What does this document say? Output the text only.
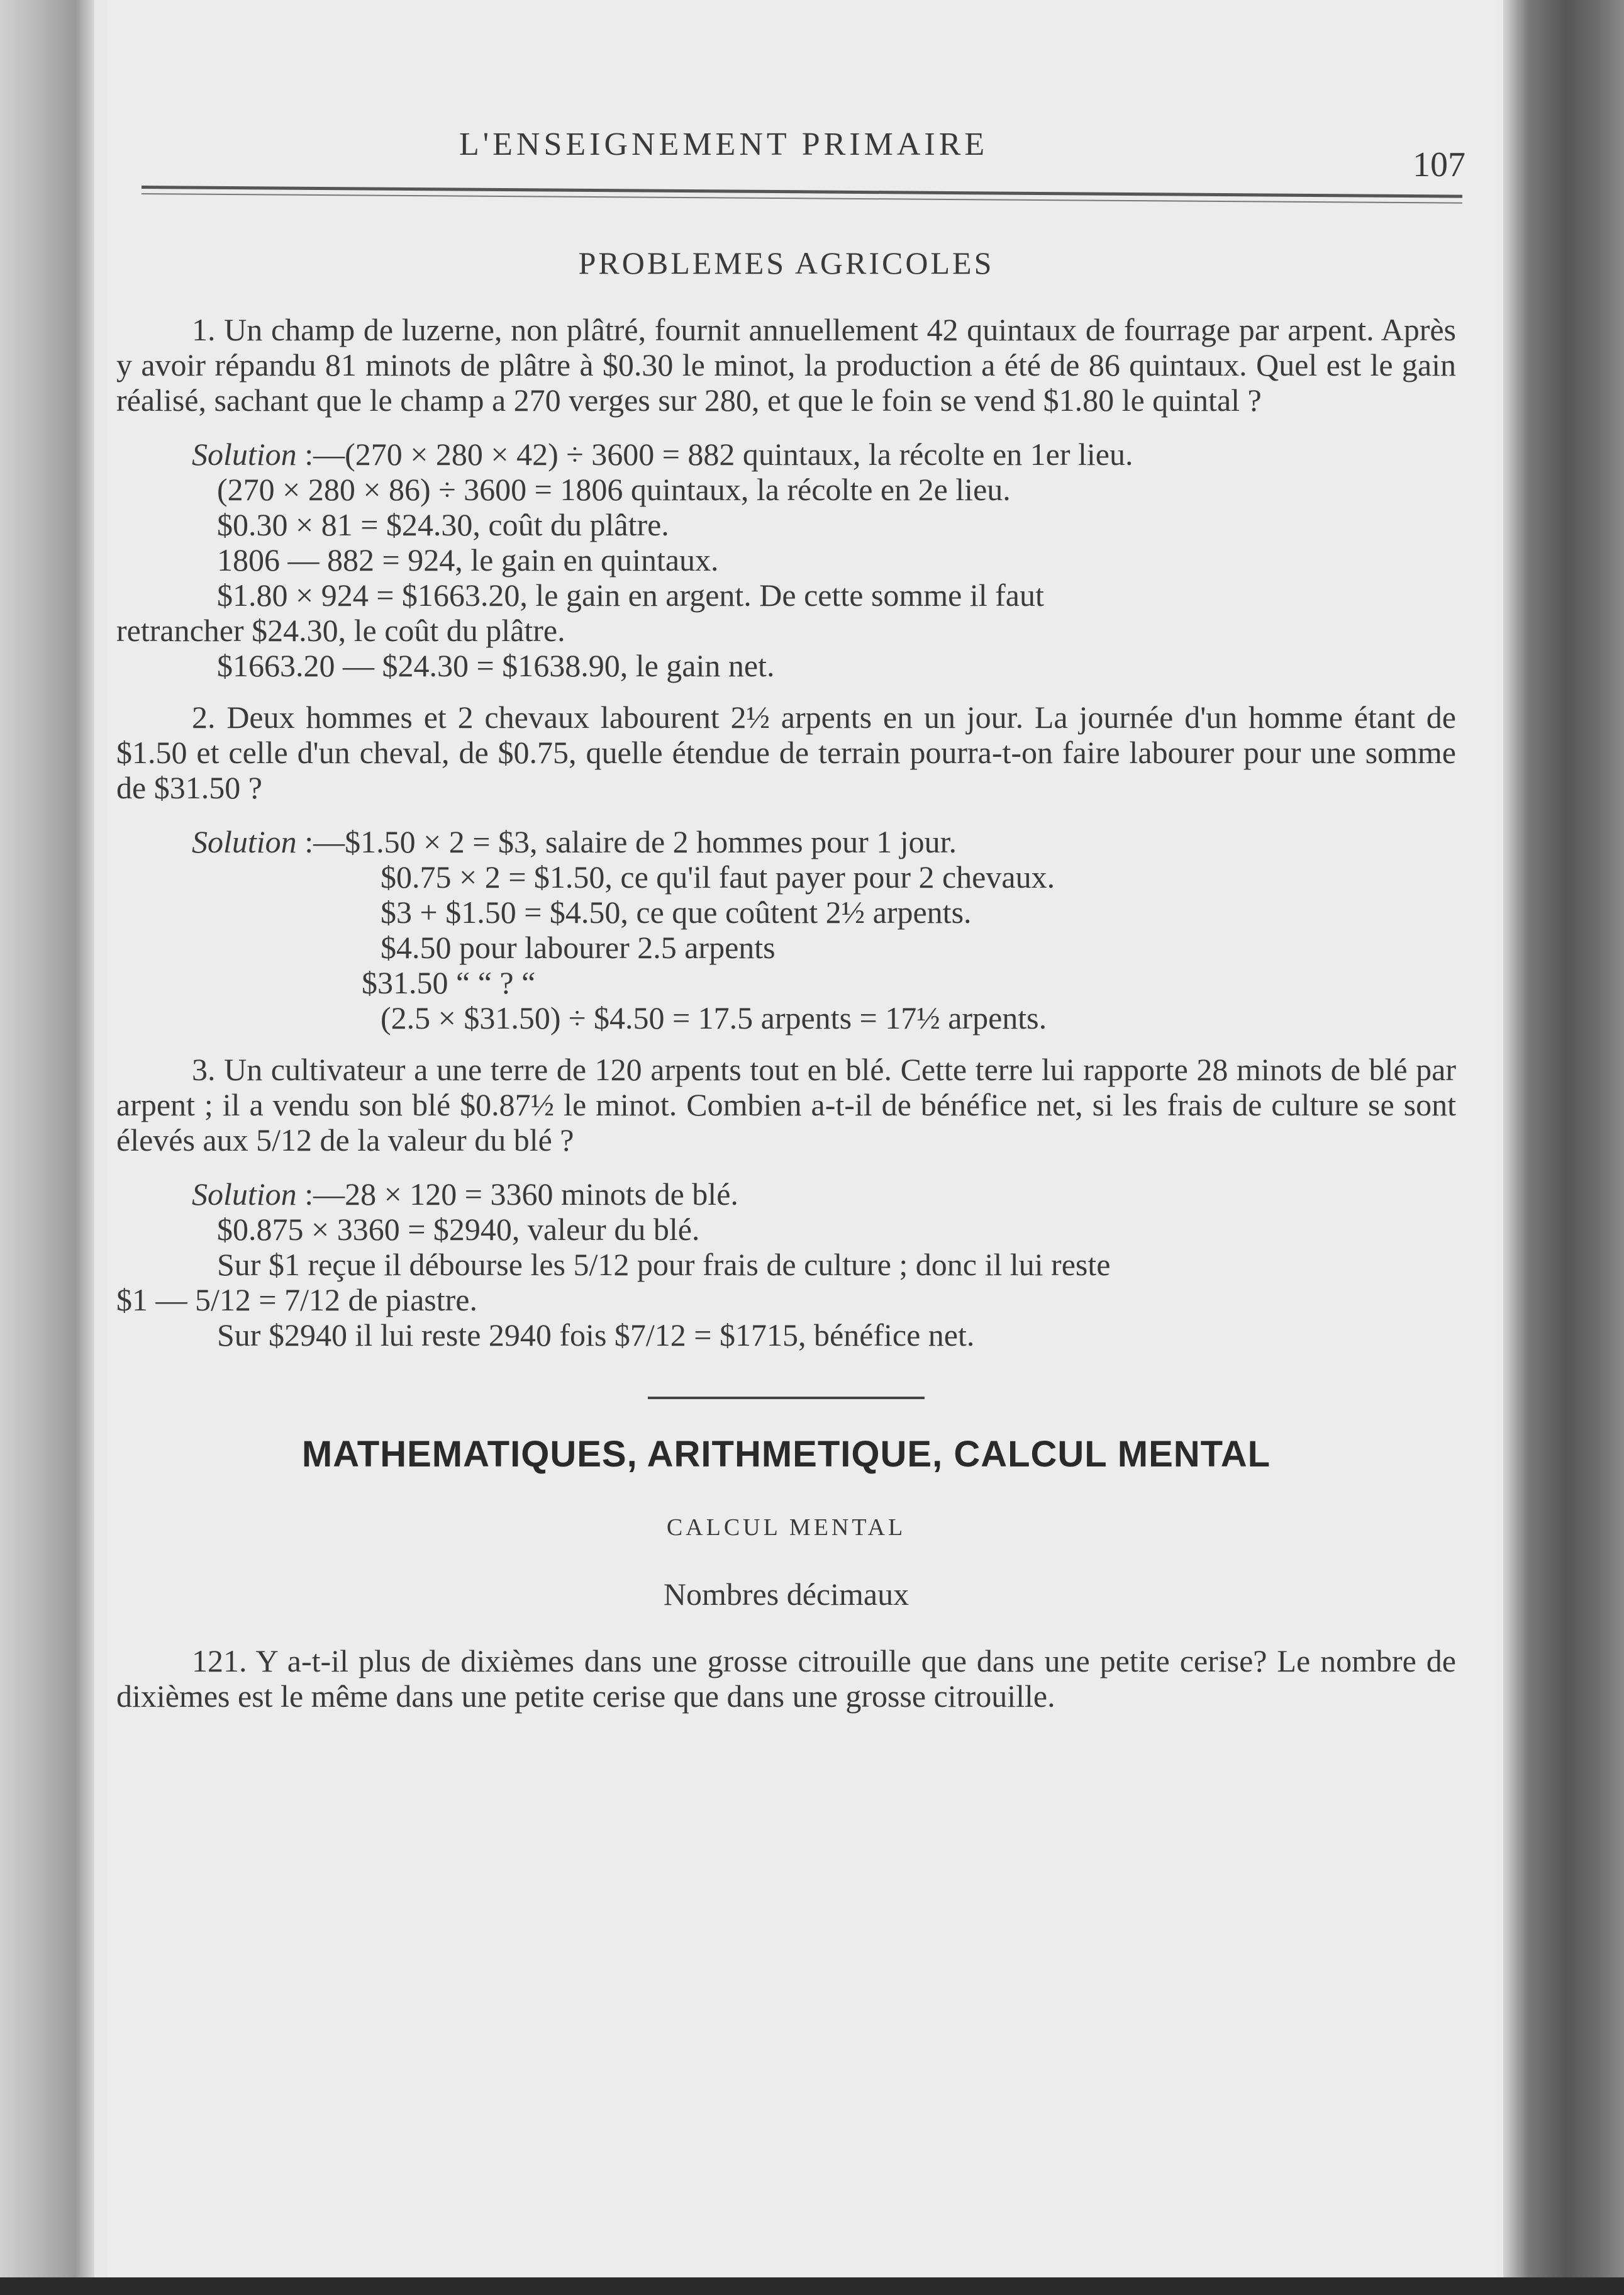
L'ENSEIGNEMENT PRIMAIRE
107
PROBLEMES AGRICOLES

1. Un champ de luzerne, non plâtré, fournit annuellement 42 quintaux de fourrage par arpent. Après y avoir répandu 81 minots de plâtre à $0.30 le minot, la production a été de 86 quintaux. Quel est le gain réalisé, sachant que le champ a 270 verges sur 280, et que le foin se vend $1.80 le quintal ?

Solution :—(270 × 280 × 42) ÷ 3600 = 882 quintaux, la récolte en 1er lieu.

(270 × 280 × 86) ÷ 3600 = 1806 quintaux, la récolte en 2e lieu.

$0.30 × 81 = $24.30, coût du plâtre.

1806 — 882 = 924, le gain en quintaux.

$1.80 × 924 = $1663.20, le gain en argent. De cette somme il faut

retrancher $24.30, le coût du plâtre.

$1663.20 — $24.30 = $1638.90, le gain net.

2. Deux hommes et 2 chevaux labourent 2½ arpents en un jour. La journée d'un homme étant de $1.50 et celle d'un cheval, de $0.75, quelle étendue de terrain pourra-t-on faire labourer pour une somme de $31.50 ?

Solution :—$1.50 × 2 = $3, salaire de 2 hommes pour 1 jour.

$0.75 × 2 = $1.50, ce qu'il faut payer pour 2 chevaux.

$3 + $1.50 = $4.50, ce que coûtent 2½ arpents.

$4.50 pour labourer 2.5 arpents

$31.50 “ “ ? “

(2.5 × $31.50) ÷ $4.50 = 17.5 arpents = 17½ arpents.

3. Un cultivateur a une terre de 120 arpents tout en blé. Cette terre lui rapporte 28 minots de blé par arpent ; il a vendu son blé $0.87½ le minot. Combien a-t-il de bénéfice net, si les frais de culture se sont élevés aux 5/12 de la valeur du blé ?

Solution :—28 × 120 = 3360 minots de blé.

$0.875 × 3360 = $2940, valeur du blé.

Sur $1 reçue il débourse les 5/12 pour frais de culture ; donc il lui reste

$1 — 5/12 = 7/12 de piastre.

Sur $2940 il lui reste 2940 fois $7/12 = $1715, bénéfice net.

MATHEMATIQUES, ARITHMETIQUE, CALCUL MENTAL
CALCUL MENTAL
Nombres décimaux

121. Y a-t-il plus de dixièmes dans une grosse citrouille que dans une petite cerise? Le nombre de dixièmes est le même dans une petite cerise que dans une grosse citrouille.
